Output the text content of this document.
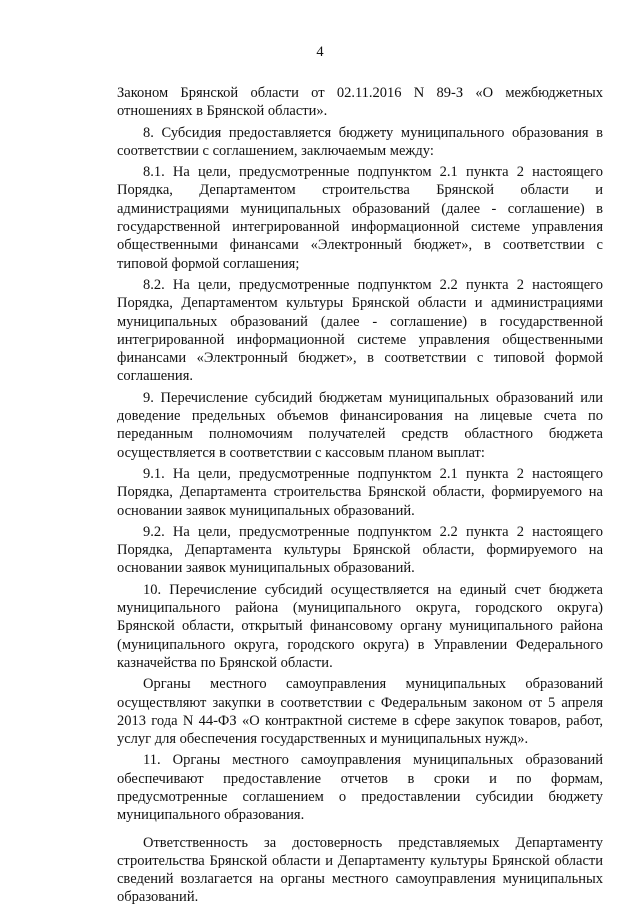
4

Законом Брянской области от 02.11.2016 N 89-З «О межбюджетных отношениях в Брянской области».

8. Субсидия предоставляется бюджету муниципального образования в соответствии с соглашением, заключаемым между:

8.1. На цели, предусмотренные подпунктом 2.1 пункта 2 настоящего Порядка, Департаментом строительства Брянской области и администрациями муниципальных образований (далее - соглашение) в государственной интегрированной информационной системе управления общественными финансами «Электронный бюджет», в соответствии с типовой формой соглашения;

8.2. На цели, предусмотренные подпунктом 2.2 пункта 2 настоящего Порядка, Департаментом культуры Брянской области и администрациями муниципальных образований (далее - соглашение) в государственной интегрированной информационной системе управления общественными финансами «Электронный бюджет», в соответствии с типовой формой соглашения.

9. Перечисление субсидий бюджетам муниципальных образований или доведение предельных объемов финансирования на лицевые счета по переданным полномочиям получателей средств областного бюджета осуществляется в соответствии с кассовым планом выплат:

9.1. На цели, предусмотренные подпунктом 2.1 пункта 2 настоящего Порядка, Департамента строительства Брянской области, формируемого на основании заявок муниципальных образований.

9.2. На цели, предусмотренные подпунктом 2.2 пункта 2 настоящего Порядка, Департамента культуры Брянской области, формируемого на основании заявок муниципальных образований.

10. Перечисление субсидий осуществляется на единый счет бюджета муниципального района (муниципального округа, городского округа) Брянской области, открытый финансовому органу муниципального района (муниципального округа, городского округа) в Управлении Федерального казначейства по Брянской области.

Органы местного самоуправления муниципальных образований осуществляют закупки в соответствии с Федеральным законом от 5 апреля 2013 года N 44-ФЗ «О контрактной системе в сфере закупок товаров, работ, услуг для обеспечения государственных и муниципальных нужд».

11. Органы местного самоуправления муниципальных образований обеспечивают предоставление отчетов в сроки и по формам, предусмотренные соглашением о предоставлении субсидии бюджету муниципального образования.

Ответственность за достоверность представляемых Департаменту строительства Брянской области и Департаменту культуры Брянской области сведений возлагается на органы местного самоуправления муниципальных образований.
